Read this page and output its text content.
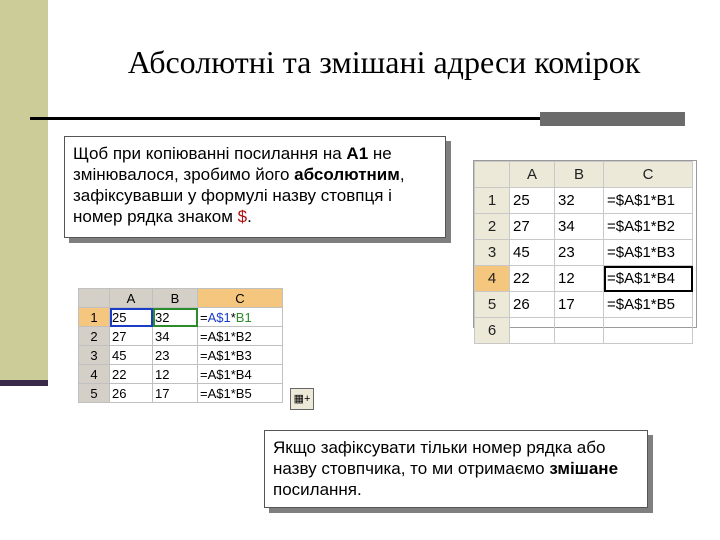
Абсолютні та змішані адреси комірок
Щоб при копіюванні посилання на А1 не змінювалося, зробимо його абсолютним, зафіксувавши у формулі назву стовпця і номер рядка знаком $.
	A	B	C
1	25	32	=$A$1*B1
2	27	34	=$A$1*B2
3	45	23	=$A$1*B3
4	22	12	=$A$1*B4
5	26	17	=$A$1*B5
6			
	A	B	C
1	25	32	=A$1*B1
2	27	34	=A$1*B2
3	45	23	=A$1*B3
4	22	12	=A$1*B4
5	26	17	=A$1*B5	▦+
Якщо зафіксувати тільки номер рядка або назву стовпчика, то ми отримаємо змішане посилання.
